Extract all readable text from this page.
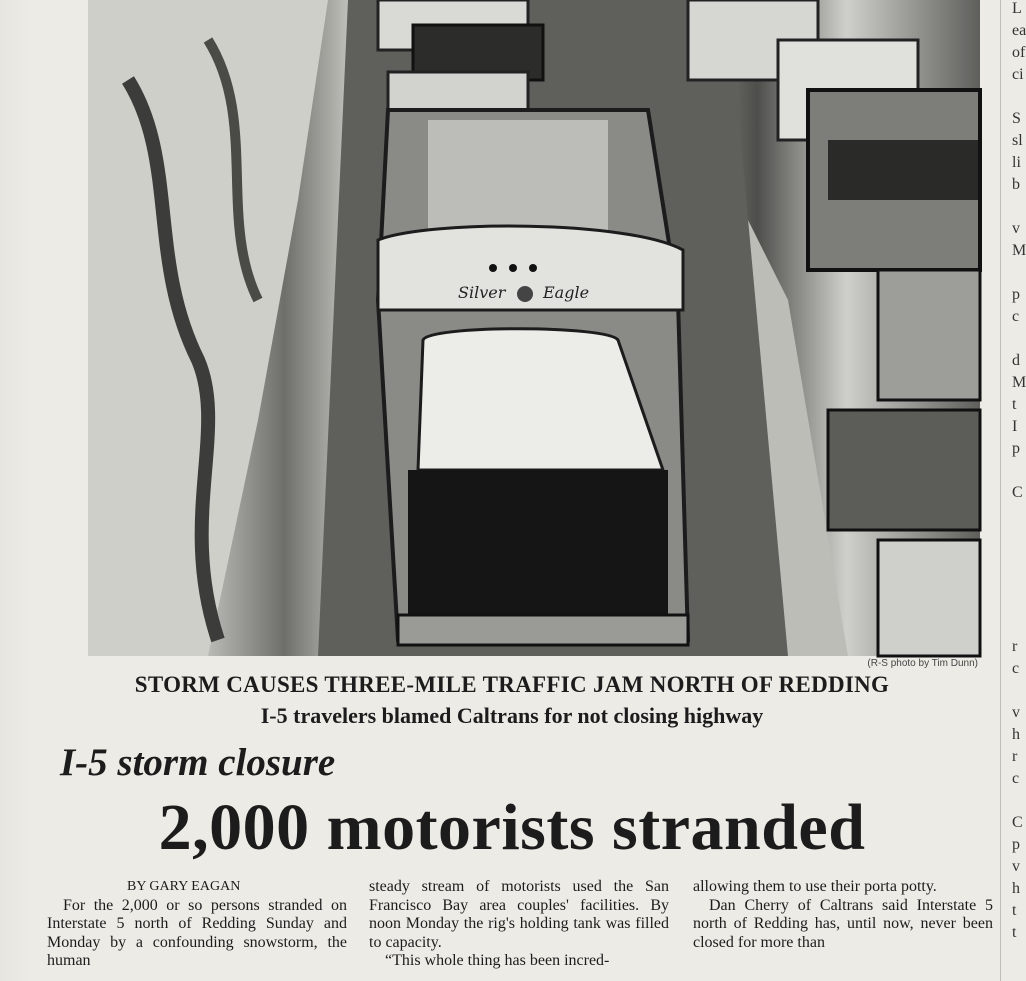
Silver Eagle
(R-S photo by Tim Dunn)
STORM CAUSES THREE-MILE TRAFFIC JAM NORTH OF REDDING
I-5 travelers blamed Caltrans for not closing highway
I-5 storm closure
2,000 motorists stranded

BY GARY EAGAN

For the 2,000 or so persons stranded on Interstate 5 north of Redding Sunday and Monday by a confounding snowstorm, the human

steady stream of motorists used the San Francisco Bay area couples' facilities. By noon Monday the rig's holding tank was filled to capacity.

“This whole thing has been incred-

allowing them to use their porta potty.

Dan Cherry of Caltrans said Interstate 5 north of Redding has, until now, never been closed for more than

L
ea
of
ci

S
sl
li
b

v
M

p
c

d
M
t
I
p

C

r
c

v
h
r
c

C
p
v
h
t
t
